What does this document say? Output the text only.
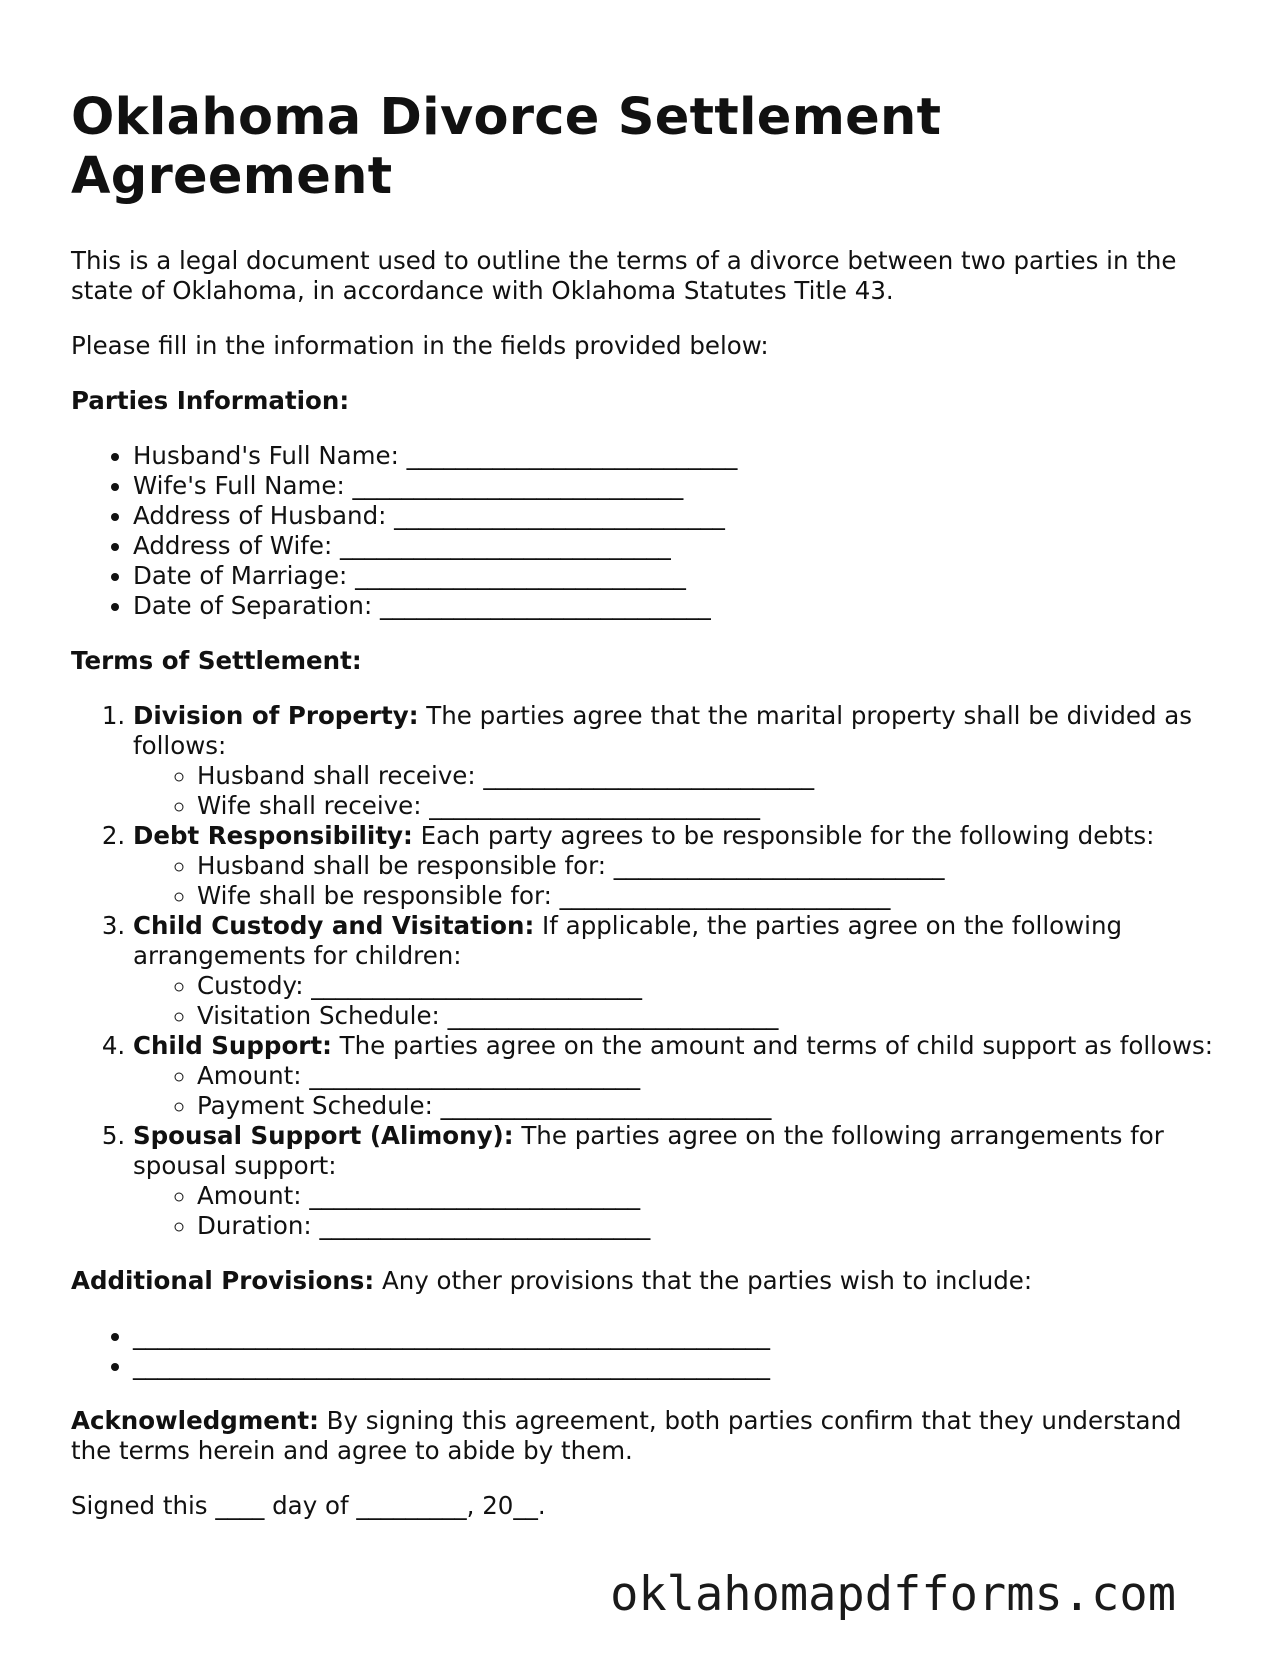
Oklahoma Divorce Settlement Agreement

This is a legal document used to outline the terms of a divorce between two parties in the state of Oklahoma, in accordance with Oklahoma Statutes Title 43.

Please fill in the information in the fields provided below:

Parties Information:

• Husband's Full Name: ___________________________
• Wife's Full Name: ___________________________
• Address of Husband: ___________________________
• Address of Wife: ___________________________
• Date of Marriage: ___________________________
• Date of Separation: ___________________________

Terms of Settlement:

1. Division of Property: The parties agree that the marital property shall be divided as follows:
◦ Husband shall receive: ___________________________
◦ Wife shall receive: ___________________________
2. Debt Responsibility: Each party agrees to be responsible for the following debts:
◦ Husband shall be responsible for: ___________________________
◦ Wife shall be responsible for: ___________________________
3. Child Custody and Visitation: If applicable, the parties agree on the following arrangements for children:
◦ Custody: ___________________________
◦ Visitation Schedule: ___________________________
4. Child Support: The parties agree on the amount and terms of child support as follows:
◦ Amount: ___________________________
◦ Payment Schedule: ___________________________
5. Spousal Support (Alimony): The parties agree on the following arrangements for spousal support:
◦ Amount: ___________________________
◦ Duration: ___________________________

Additional Provisions: Any other provisions that the parties wish to include:

• ____________________________________________________
• ____________________________________________________

Acknowledgment: By signing this agreement, both parties confirm that they understand the terms herein and agree to abide by them.

Signed this ____ day of _________, 20__.

oklahomapdfforms.com
